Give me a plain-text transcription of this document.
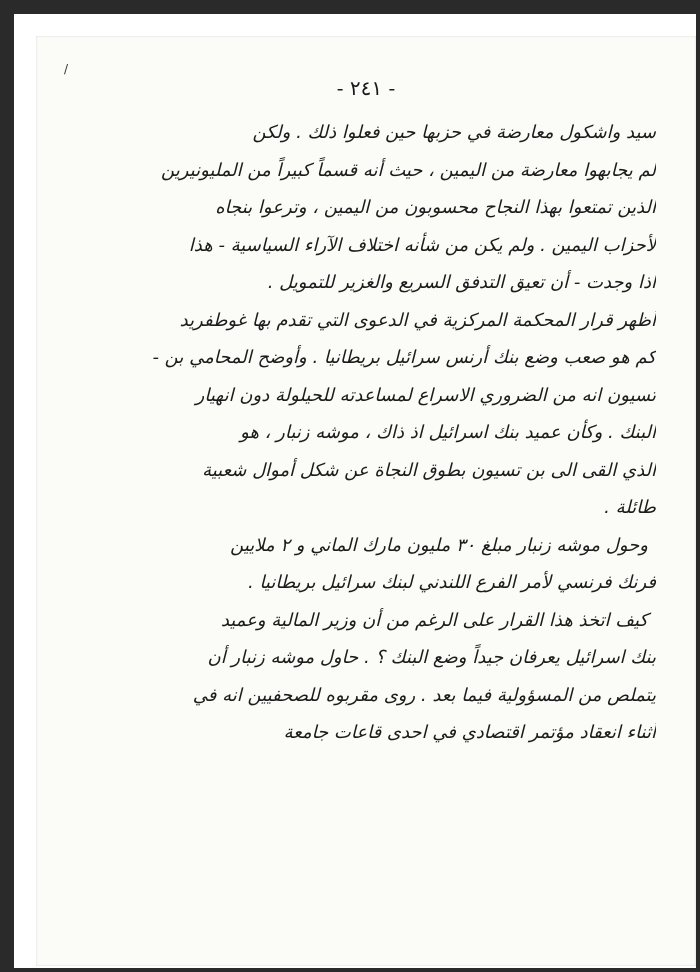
/
- ٢٤١ -
سيد واشكول معارضة في حزبها حين فعلوا ذلك . ولكن
لم يجابهوا معارضة من اليمين ، حيث أنه قسماً كبيراً من المليونيرين
الذين تمتعوا بهذا النجاح محسوبون من اليمين ، وترعوا بنجاه
لأحزاب اليمين . ولم يكن من شأنه اختلاف الآراء السياسية - هذا
اذا وجدت - أن تعيق التدفق السريع والغزير للتمويل .
أظهر قرار المحكمة المركزية في الدعوى التي تقدم بها غوطفريد
كم هو صعب وضع بنك أرنس سرائيل بريطانيا . وأوضح المحامي بن -
تسيون انه من الضروري الاسراع لمساعدته للحيلولة دون انهيار
البنك . وكأن عميد بنك اسرائيل اذ ذاك ، موشه زنبار ، هو
الذي القى الى بن تسيون بطوق النجاة عن شكل أموال شعبية
طائلة .
وحول موشه زنبار مبلغ ٣٠ مليون مارك الماني و ٢ ملايين
فرنك فرنسي لأمر الفرع اللندني لبنك سرائيل بريطانيا .
كيف اتخذ هذا القرار على الرغم من أن وزير المالية وعميد
بنك اسرائيل يعرفان جيداً وضع البنك ؟ . حاول موشه زنبار أن
يتملص من المسؤولية فيما بعد . روى مقربوه للصحفيين انه في
أثناء انعقاد مؤتمر اقتصادي في احدى قاعات جامعة
